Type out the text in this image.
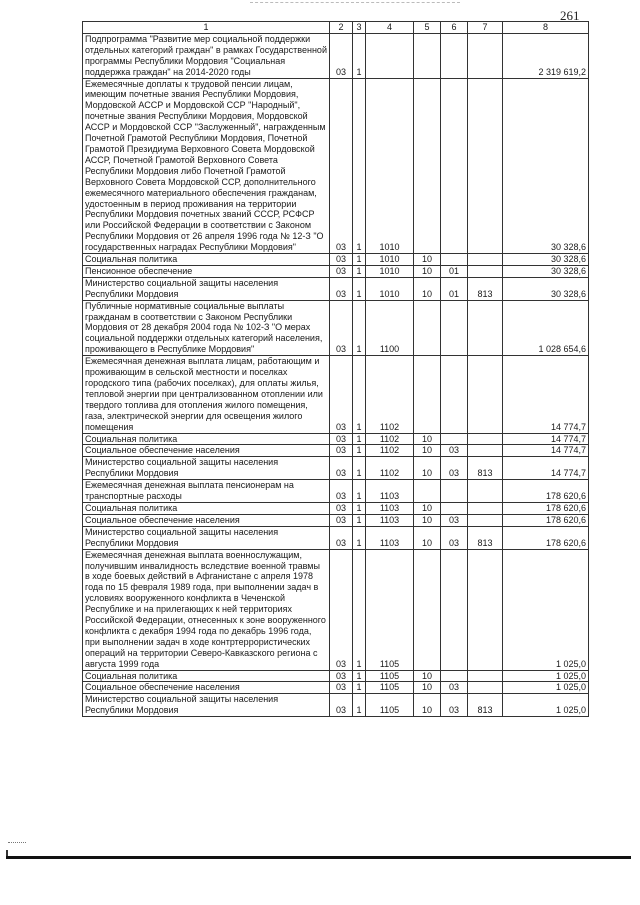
261
1	2	3	4	5	6	7	8
Подпрограмма "Развитие мер социальной поддержки отдельных категорий граждан" в рамках Государственной программы Республики Мордовия "Социальная поддержка граждан" на 2014-2020 годы	03	1					2 319 619,2
Ежемесячные доплаты к трудовой пенсии лицам, имеющим почетные звания Республики Мордовия, Мордовской АССР и Мордовской ССР "Народный", почетные звания Республики Мордовия, Мордовской АССР и Мордовской ССР "Заслуженный", награжденным Почетной Грамотой Республики Мордовия, Почетной Грамотой Президиума Верховного Совета Мордовской АССР, Почетной Грамотой Верховного Совета Республики Мордовия либо Почетной Грамотой Верховного Совета Мордовской ССР, дополнительного ежемесячного материального обеспечения гражданам, удостоенным в период проживания на территории Республики Мордовия почетных званий СССР, РСФСР или Российской Федерации в соответствии с Законом Республики Мордовия от 26 апреля 1996 года № 12-З "О государственных наградах Республики Мордовия"	03	1	1010				30 328,6
Социальная политика	03	1	1010	10			30 328,6
Пенсионное обеспечение	03	1	1010	10	01		30 328,6
Министерство социальной защиты населения Республики Мордовия	03	1	1010	10	01	813	30 328,6
Публичные нормативные социальные выплаты гражданам в соответствии с Законом Республики Мордовия от 28 декабря 2004 года № 102-З "О мерах социальной поддержки отдельных категорий населения, проживающего в Республике Мордовия"	03	1	1100				1 028 654,6
Ежемесячная денежная выплата лицам, работающим и проживающим в сельской местности и поселках городского типа (рабочих поселках), для оплаты жилья, тепловой энергии при централизованном отоплении или твердого топлива для отопления жилого помещения, газа, электрической энергии для освещения жилого помещения	03	1	1102				14 774,7
Социальная политика	03	1	1102	10			14 774,7
Социальное обеспечение населения	03	1	1102	10	03		14 774,7
Министерство социальной защиты населения Республики Мордовия	03	1	1102	10	03	813	14 774,7
Ежемесячная денежная выплата пенсионерам на транспортные расходы	03	1	1103				178 620,6
Социальная политика	03	1	1103	10			178 620,6
Социальное обеспечение населения	03	1	1103	10	03		178 620,6
Министерство социальной защиты населения Республики Мордовия	03	1	1103	10	03	813	178 620,6
Ежемесячная денежная выплата военнослужащим, получившим инвалидность вследствие военной травмы в ходе боевых действий в Афганистане с апреля 1978 года по 15 февраля 1989 года, при выполнении задач в условиях вооруженного конфликта в Чеченской Республике и на прилегающих к ней территориях Российской Федерации, отнесенных к зоне вооруженного конфликта с декабря 1994 года по декабрь 1996 года, при выполнении задач в ходе контртеррористических операций на территории Северо-Кавказского региона с августа 1999 года	03	1	1105				1 025,0
Социальная политика	03	1	1105	10			1 025,0
Социальное обеспечение населения	03	1	1105	10	03		1 025,0
Министерство социальной защиты населения Республики Мордовия	03	1	1105	10	03	813	1 025,0
